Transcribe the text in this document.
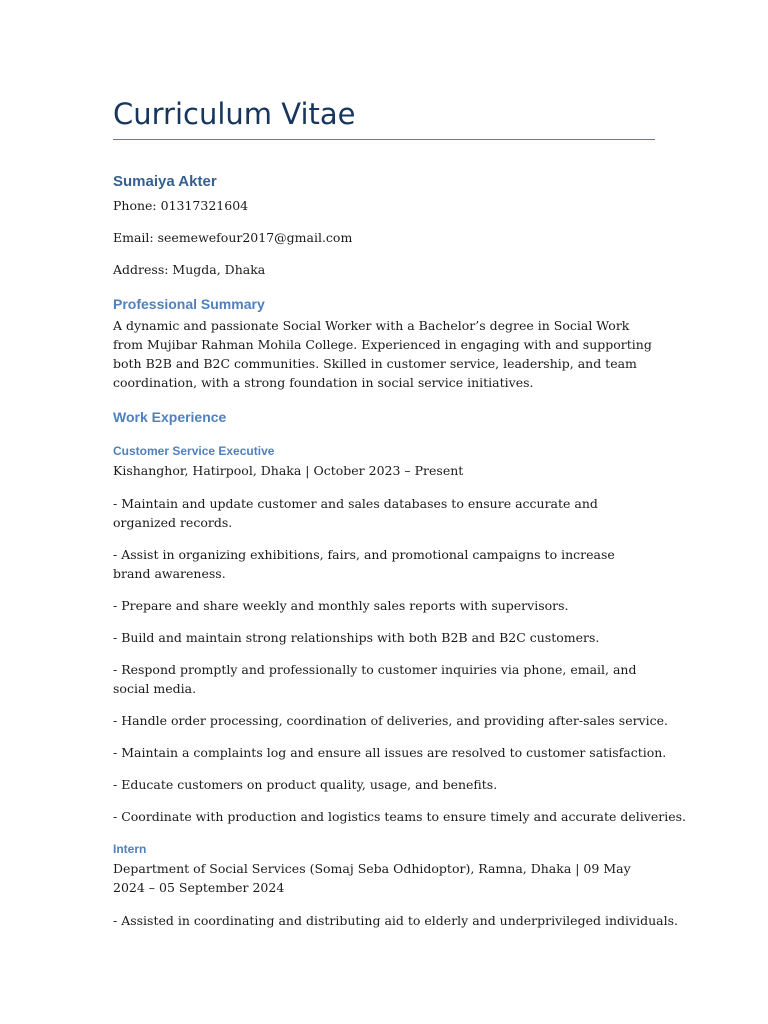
Curriculum Vitae
Sumaiya Akter

Phone: 01317321604

Email: seemewefour2017@gmail.com

Address: Mugda, Dhaka

Professional Summary

A dynamic and passionate Social Worker with a Bachelor’s degree in Social Work from Mujibar Rahman Mohila College. Experienced in engaging with and supporting both B2B and B2C communities. Skilled in customer service, leadership, and team coordination, with a strong foundation in social service initiatives.

Work Experience
Customer Service Executive

Kishanghor, Hatirpool, Dhaka | October 2023 – Present

- Maintain and update customer and sales databases to ensure accurate and organized records.

- Assist in organizing exhibitions, fairs, and promotional campaigns to increase brand awareness.

- Prepare and share weekly and monthly sales reports with supervisors.

- Build and maintain strong relationships with both B2B and B2C customers.

- Respond promptly and professionally to customer inquiries via phone, email, and social media.

- Handle order processing, coordination of deliveries, and providing after-sales service.

- Maintain a complaints log and ensure all issues are resolved to customer satisfaction.

- Educate customers on product quality, usage, and benefits.

- Coordinate with production and logistics teams to ensure timely and accurate deliveries.

Intern

Department of Social Services (Somaj Seba Odhidoptor), Ramna, Dhaka | 09 May 2024 – 05 September 2024

- Assisted in coordinating and distributing aid to elderly and underprivileged individuals.
